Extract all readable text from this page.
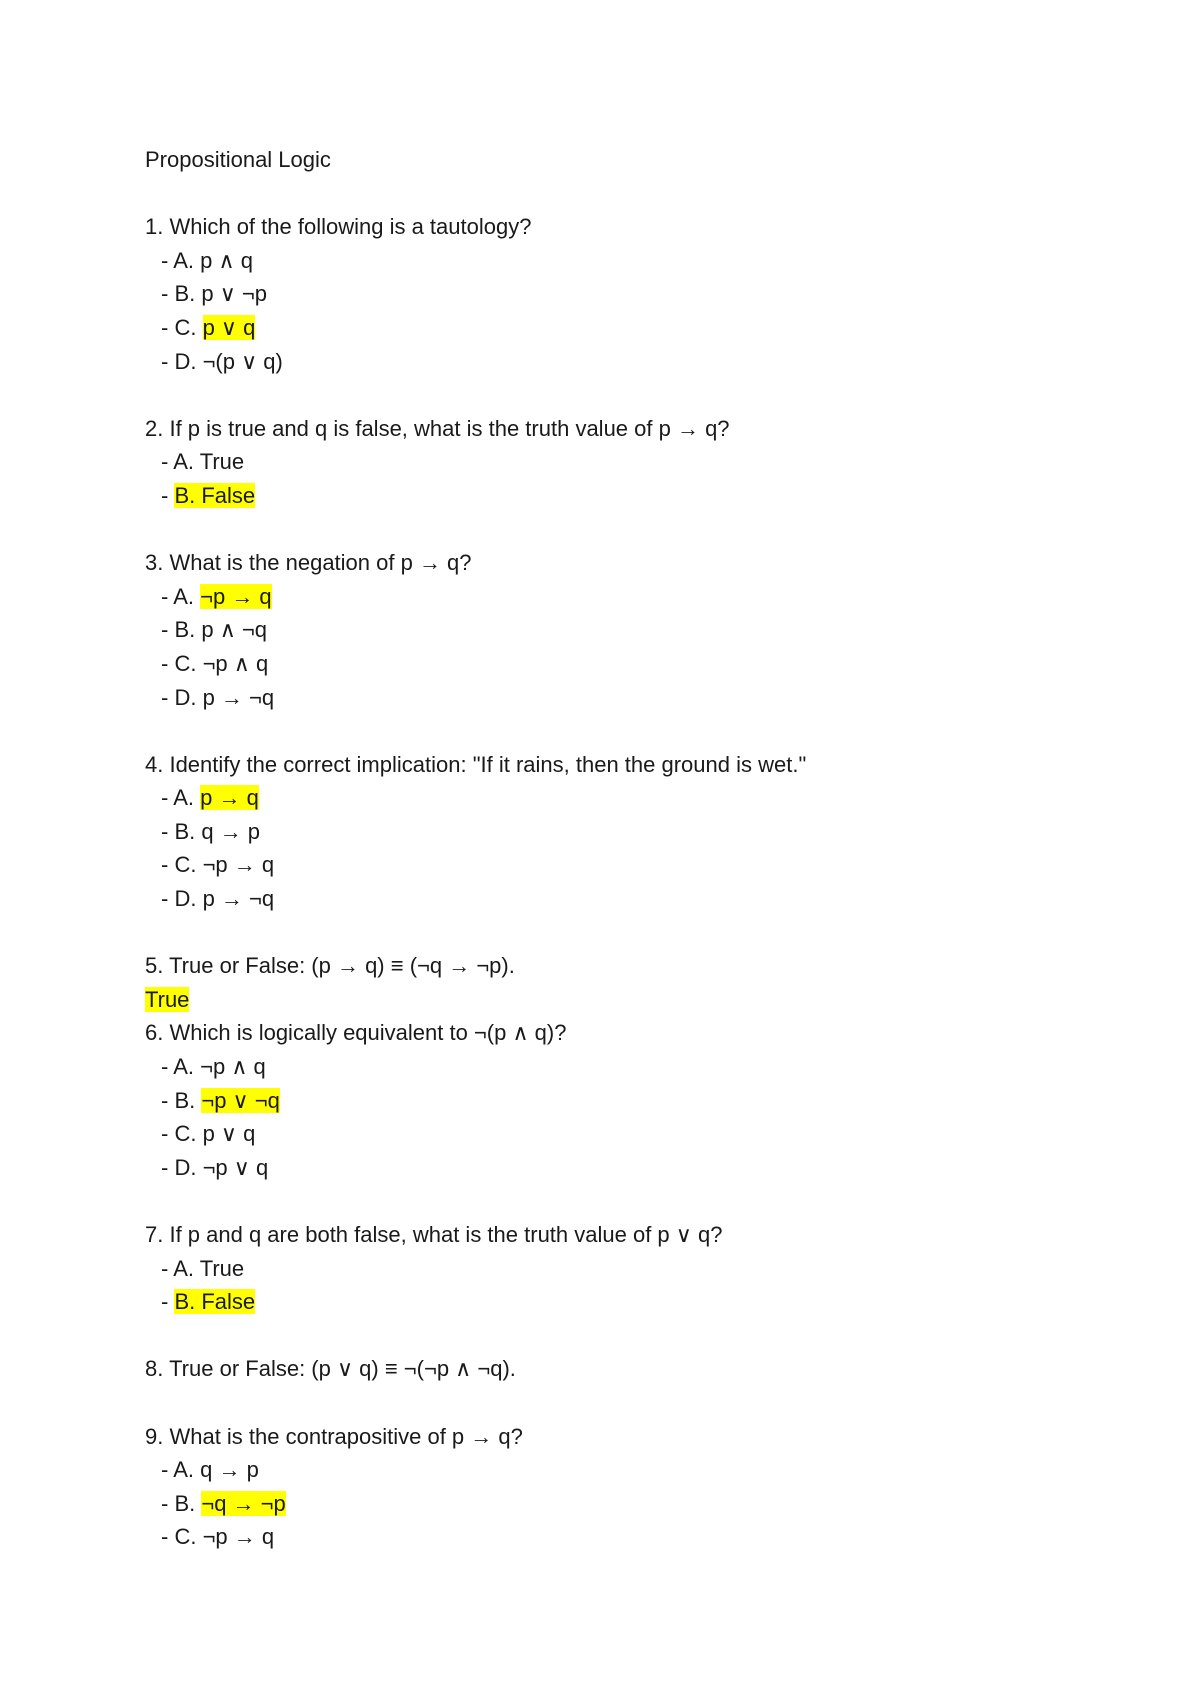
Propositional Logic
1. Which of the following is a tautology?
- A. p ∧ q
- B. p ∨ ¬p
- C. p ∨ q
- D. ¬(p ∨ q)
2. If p is true and q is false, what is the truth value of p → q?
- A. True
- B. False
3. What is the negation of p → q?
- A. ¬p → q
- B. p ∧ ¬q
- C. ¬p ∧ q
- D. p → ¬q
4. Identify the correct implication: "If it rains, then the ground is wet."
- A. p → q
- B. q → p
- C. ¬p → q
- D. p → ¬q
5. True or False: (p → q) ≡ (¬q → ¬p).
True
6. Which is logically equivalent to ¬(p ∧ q)?
- A. ¬p ∧ q
- B. ¬p ∨ ¬q
- C. p ∨ q
- D. ¬p ∨ q
7. If p and q are both false, what is the truth value of p ∨ q?
- A. True
- B. False
8. True or False: (p ∨ q) ≡ ¬(¬p ∧ ¬q).
9. What is the contrapositive of p → q?
- A. q → p
- B. ¬q → ¬p
- C. ¬p → q
